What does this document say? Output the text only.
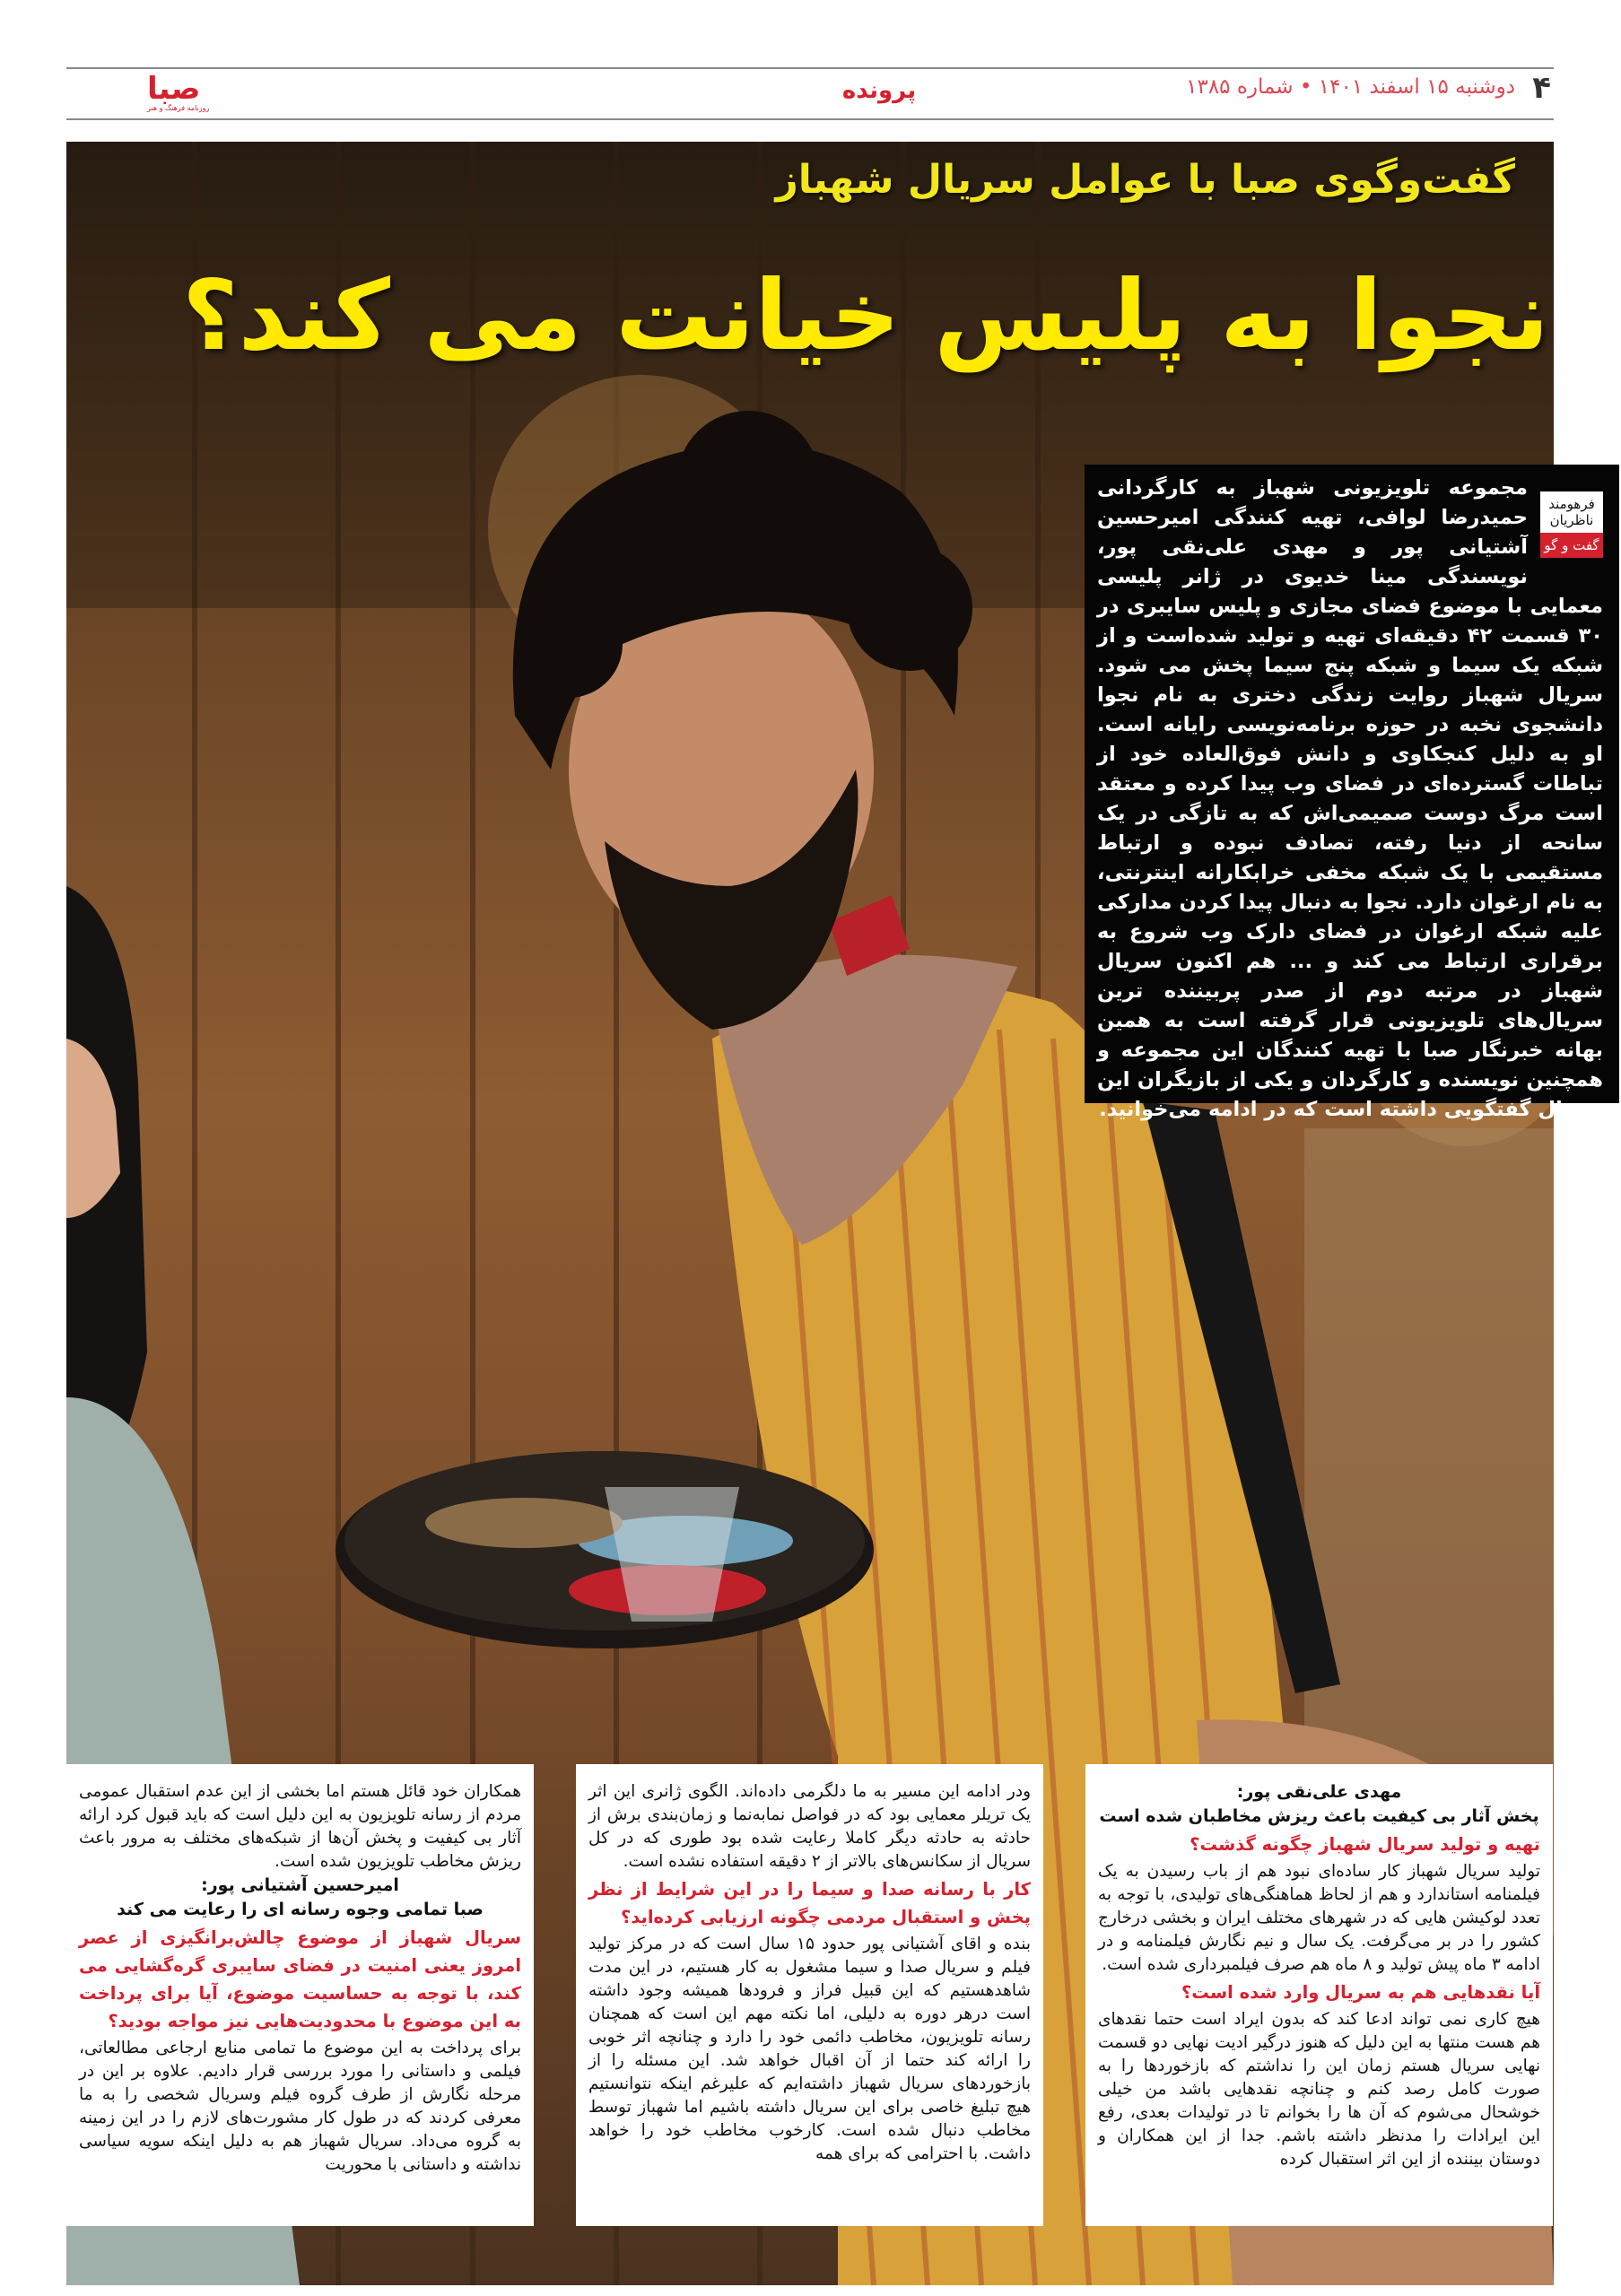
۴
دوشنبه ۱۵ اسفند ۱۴۰۱ • شماره ۱۳۸۵
پرونده
صبا
روزنامه فرهنگ و هنر
گفت‌وگوی صبا با عوامل سریال شهباز
نجوا به پلیس خیانت می کند؟
فرهومند ناظریان
گفت و گو
مجموعه تلویزیونی شهباز به کارگردانی حمیدرضا لوافی، تهیه کنندگی امیرحسین آشتیانی پور و مهدی علی‌نقی پور، نویسندگی مینا خدیوی در ژانر پلیسی معمایی با موضوع فضای مجازی و پلیس سایبری در ۳۰ قسمت ۴۲ دقیقه‌ای تهیه و تولید شده‌است و از شبکه یک سیما و شبکه پنج سیما پخش می شود. سریال شهباز روایت زندگی دختری به نام نجوا دانشجوی نخبه در حوزه برنامه‌نویسی رایانه است. او به دلیل کنجکاوی و دانش فوق‌العاده خود از تباطات گسترده‌ای در فضای وب پیدا کرده و معتقد است مرگ دوست صمیمی‌اش که به تازگی در یک سانحه از دنیا رفته، تصادف نبوده و ارتباط مستقیمی با یک شبکه مخفی خرابکارانه اینترنتی، به نام ارغوان دارد. نجوا به دنبال پیدا کردن مدارکی علیه شبکه ارغوان در فضای دارک وب شروع به برقراری ارتباط می کند و ... هم اکنون سریال شهباز در مرتبه دوم از صدر پربیننده ترین سریال‌های تلویزیونی قرار گرفته است به همین بهانه خبرنگار صبا با تهیه کنندگان این مجموعه و همچنین نویسنده و کارگردان و یکی از بازیگران این سریال گفتگویی داشته است که در ادامه می‌خوانید.

مهدی علی‌نقی پور:

پخش آثار بی کیفیت باعث ریزش مخاطبان شده است

تهیه و تولید سریال شهباز چگونه گذشت؟

تولید سریال شهباز کار ساده‌ای نبود هم از باب رسیدن به یک فیلمنامه استاندارد و هم از لحاظ هماهنگی‌های تولیدی، با توجه به تعدد لوکیشن هایی که در شهرهای مختلف ایران و بخشی درخارج کشور را در بر می‌گرفت. یک سال و نیم نگارش فیلمنامه و در ادامه ۳ ماه پیش تولید و ۸ ماه هم صرف فیلمبرداری شده است.

آیا نقدهایی هم به سریال وارد شده است؟

هیچ کاری نمی تواند ادعا کند که بدون ایراد است حتما نقدهای هم هست منتها به این دلیل که هنوز درگیر ادیت نهایی دو قسمت نهایی سریال هستم زمان این را نداشتم که بازخوردها را به صورت کامل رصد کنم و چنانچه نقدهایی باشد من خیلی خوشحال می‌شوم که آن ها را بخوانم تا در تولیدات بعدی، رفع این ایرادات را مدنظر داشته باشم. جدا از این همکاران و دوستان بیننده از این اثر استقبال کرده

ودر ادامه این مسیر به ما دلگرمی داده‌اند. الگوی ژانری این اثر یک تریلر معمایی بود که در فواصل نمابه‌نما و زمان‌بندی برش از حادثه به حادثه دیگر کاملا رعایت شده بود طوری که در کل سریال از سکانس‌های بالاتر از ۲ دقیقه استفاده نشده است.

کار با رسانه صدا و سیما را در این شرایط از نظر پخش و استقبال مردمی چگونه ارزیابی کرده‌اید؟

بنده و اقای آشتیانی پور حدود ۱۵ سال است که در مرکز تولید فیلم و سریال صدا و سیما مشغول به کار هستیم، در این مدت شاهدهستیم که این قبیل فراز و فرودها همیشه وجود داشته است درهر دوره به دلیلی، اما نکته مهم این است که همچنان رسانه تلویزیون، مخاطب دائمی خود را دارد و چنانچه اثر خوبی را ارائه کند حتما از آن اقبال خواهد شد. این مسئله را از بازخوردهای سریال شهباز داشته‌ایم که علیرغم اینکه نتوانستیم هیچ تبلیغ خاصی برای این سریال داشته باشیم اما شهباز توسط مخاطب دنبال شده است. کارخوب مخاطب خود را خواهد داشت. با احترامی که برای همه

همکاران خود قائل هستم اما بخشی از این عدم استقبال عمومی مردم از رسانه تلویزیون به این دلیل است که باید قبول کرد ارائه آثار بی کیفیت و پخش آن‌ها از شبکه‌های مختلف به مرور باعث ریزش مخاطب تلویزیون شده است.

امیرحسین آشتیانی پور:

صبا تمامی وجوه رسانه ای را رعایت می کند

سریال شهباز از موضوع چالش‌برانگیزی از عصر امروز یعنی امنیت در فضای سایبری گره‌گشایی می کند، با توجه به حساسیت موضوع، آیا برای پرداخت به این موضوع با محدودیت‌هایی نیز مواجه بودید؟

برای پرداخت به این موضوع ما تمامی منابع ارجاعی مطالعاتی، فیلمی و داستانی را مورد بررسی قرار دادیم. علاوه بر این در مرحله نگارش از طرف گروه فیلم وسریال شخصی را به ما معرفی کردند که در طول کار مشورت‌های لازم را در این زمینه به گروه می‌داد. سریال شهباز هم به دلیل اینکه سویه سیاسی نداشته و داستانی با محوریت
